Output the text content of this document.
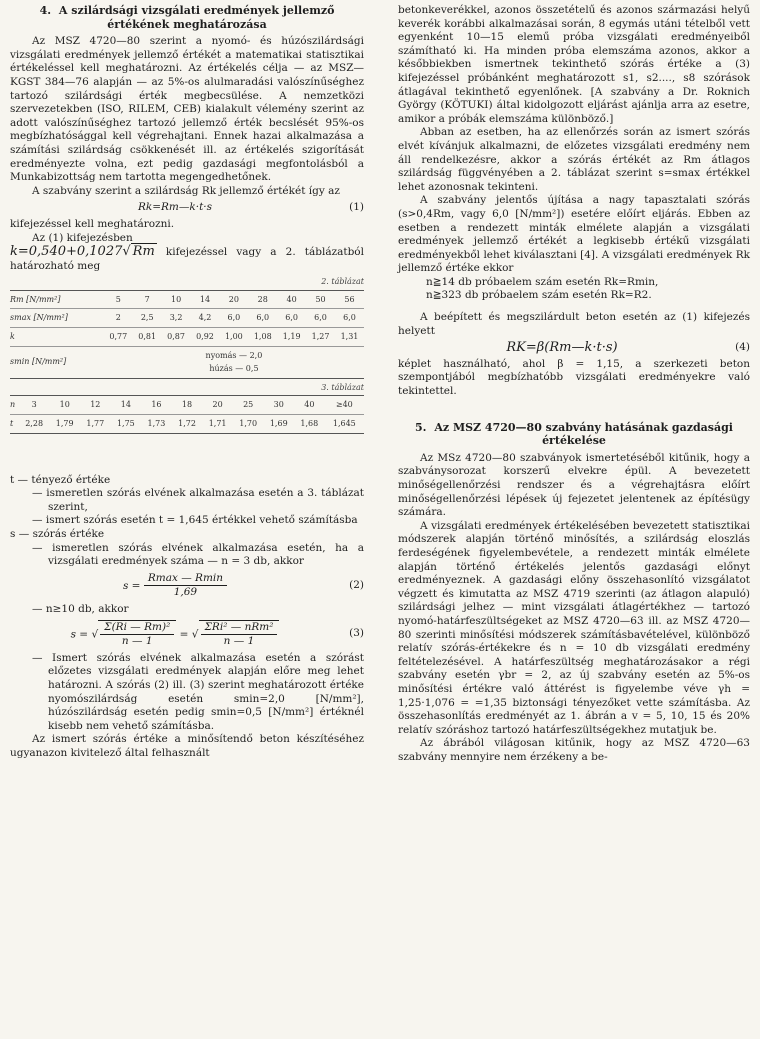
4. A szilárdsági vizsgálati eredmények jellemző értékének meghatározása

Az MSZ 4720—80 szerint a nyomó- és húzószilárdsági vizsgálati eredmények jellemző értékét a matematikai statisztikai értékeléssel kell meghatározni. Az értékelés célja — az MSZ—KGST 384—76 alapján — az 5%-os alulmaradási valószínűséghez tartozó szilárdsági érték megbecsülése. A nemzetközi szervezetekben (ISO, RILEM, CEB) kialakult vélemény szerint az adott valószínűséghez tartozó jellemző érték becslését 95%-os megbízhatósággal kell végrehajtani. Ennek hazai alkalmazása a számítási szilárdság csökkenését ill. az értékelés szigorítását eredményezte volna, ezt pedig gazdasági megfontolásból a Munkabizottság nem tartotta megengedhetőnek.

A szabvány szerint a szilárdság Rk jellemző értékét így az

Rk=Rm—k·t·s	(1)

kifejezéssel kell meghatározni.

Az (1) kifejezésben

k=0,540+0,1027√ Rm kifejezéssel vagy a 2. táblázatból határozható meg

2. táblázat
Rm [N/mm²]		5	7	10	14	20	28	40	50	56
smax [N/mm²]		2	2,5	3,2	4,2	6,0	6,0	6,0	6,0	6,0
k		0,77	0,81	0,87	0,92	1,00	1,08	1,19	1,27	1,31
smin [N/mm²]	nyomás — 2,0
húzás — 0,5								
3. táblázat
n	3	10	12	14	16	18	20	25	30	40	≥40
t	2,28	1,79	1,77	1,75	1,73	1,72	1,71	1,70	1,69	1,68	1,645

t — tényező értéke

— ismeretlen szórás elvének alkalmazása esetén a 3. táblázat szerint,

— ismert szórás esetén t = 1,645 értékkel vehető számításba

s — szórás értéke

— ismeretlen szórás elvének alkalmazása esetén, ha a vizsgálati eredmények száma — n = 3 db, akkor

$s = \frac{Rmax — Rmin}{1,69}$	(2)

— n≥10 db, akkor

s = √ $\frac{\text{Σ(Ri — Rm)²}}{n — 1}$ = √ $\frac{\text{ΣRi² — nRm²}}{n — 1}$	(3)

— Ismert szórás elvének alkalmazása esetén a szórást előzetes vizsgálati eredmények alapján előre meg lehet határozni. A szórás (2) ill. (3) szerint meghatározott értéke nyomószilárdság esetén smin=2,0 [N/mm²], húzószilárdság esetén pedig smin=0,5 [N/mm²] értéknél kisebb nem vehető számításba.

Az ismert szórás értéke a minősítendő beton készítéséhez ugyanazon kivitelező által felhasznált

betonkeverékkel, azonos összetételű és azonos származási helyű keverék korábbi alkalmazásai során, 8 egymás utáni tételből vett egyenként 10—15 elemű próba vizsgálati eredményeiből számítható ki. Ha minden próba elemszáma azonos, akkor a későbbiekben ismertnek tekinthető szórás értéke a (3) kifejezéssel próbánként meghatározott s1, s2...., s8 szórások átlagával tekinthető egyenlőnek. [A szabvány a Dr. Roknich György (KÖTUKI) által kidolgozott eljárást ajánlja arra az esetre, amikor a próbák elemszáma különböző.]

Abban az esetben, ha az ellenőrzés során az ismert szórás elvét kívánjuk alkalmazni, de előzetes vizsgálati eredmény nem áll rendelkezésre, akkor a szórás értékét az Rm átlagos szilárdság függvényében a 2. táblázat szerint s=smax értékkel lehet azonosnak tekinteni.

A szabvány jelentős újítása a nagy tapasztalati szórás (s>0,4Rm, vagy 6,0 [N/mm²]) esetére előírt eljárás. Ebben az esetben a rendezett minták elmélete alapján a vizsgálati eredmények jellemző értékét a legkisebb értékű vizsgálati eredményekből lehet kiválasztani [4]. A vizsgálati eredmények Rk jellemző értéke ekkor

n≧14 db próbaelem szám esetén Rk=Rmin,

n≧323 db próbaelem szám esetén Rk=R2.

A beépített és megszilárdult beton esetén az (1) kifejezés helyett

RK=β(Rm—k·t·s)	(4)

képlet használható, ahol β = 1,15, a szerkezeti beton szempontjából megbízhatóbb vizsgálati eredményekre való tekintettel.

5. Az MSZ 4720—80 szabvány hatásának gazdasági értékelése

Az MSz 4720—80 szabványok ismertetéséből kitűnik, hogy a szabványsorozat korszerű elvekre épül. A bevezetett minőségellenőrzési rendszer és a végrehajtásra előírt minőségellenőrzési lépések új fejezetet jelentenek az építésügy számára.

A vizsgálati eredmények értékelésében bevezetett statisztikai módszerek alapján történő minősítés, a szilárdság eloszlás ferdeségének figyelembevétele, a rendezett minták elmélete alapján történő értékelés jelentős gazdasági előnyt eredményeznek. A gazdasági előny összehasonlító vizsgálatot végzett és kimutatta az MSZ 4719 szerinti (az átlagon alapuló) szilárdsági jelhez — mint vizsgálati átlagértékhez — tartozó nyomó-határfeszültségeket az MSZ 4720—63 ill. az MSZ 4720—80 szerinti minősítési módszerek számításbavételével, különböző relatív szórás-értékekre és n = 10 db vizsgálati eredmény feltételezésével. A határfeszültség meghatározásakor a régi szabvány esetén γbr = 2, az új szabvány esetén az 5%-os minősítési értékre való áttérést is figyelembe véve γh = 1,25·1,076 = =1,35 biztonsági tényezőket vette számításba. Az összehasonlítás eredményét az 1. ábrán a v = 5, 10, 15 és 20% relatív szóráshoz tartozó határfeszültségekhez mutatjuk be.

Az ábrából világosan kitűnik, hogy az MSZ 4720—63 szabvány mennyire nem érzékeny a be-
